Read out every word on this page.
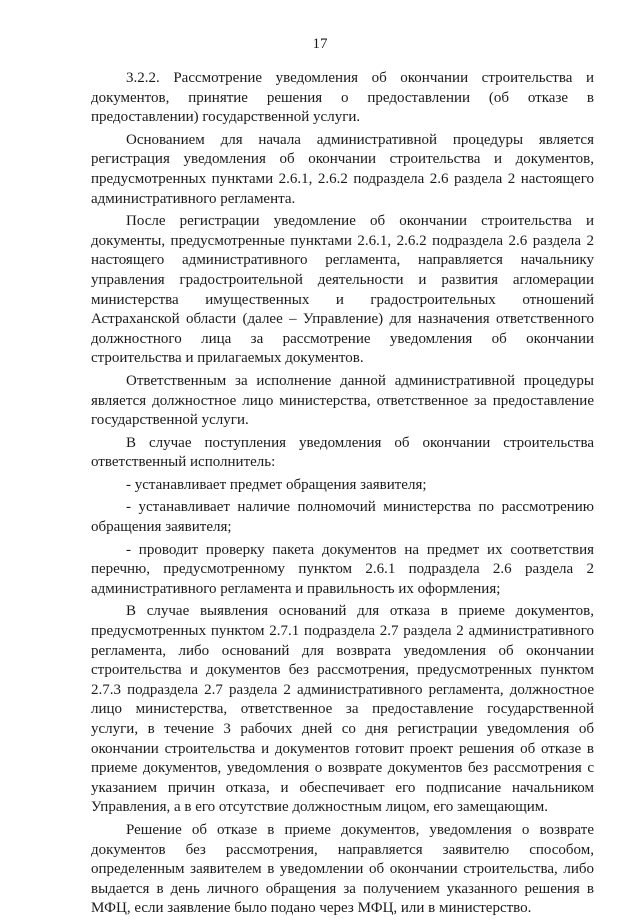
17

3.2.2. Рассмотрение уведомления об окончании строительства и документов, принятие решения о предоставлении (об отказе в предоставлении) государственной услуги.

Основанием для начала административной процедуры является регистрация уведомления об окончании строительства и документов, предусмотренных пунктами 2.6.1, 2.6.2 подраздела 2.6 раздела 2 настоящего административного регламента.

После регистрации уведомление об окончании строительства и документы, предусмотренные пунктами 2.6.1, 2.6.2 подраздела 2.6 раздела 2 настоящего административного регламента, направляется начальнику управления градостроительной деятельности и развития агломерации министерства имущественных и градостроительных отношений Астраханской области (далее – Управление) для назначения ответственного должностного лица за рассмотрение уведомления об окончании строительства и прилагаемых документов.

Ответственным за исполнение данной административной процедуры является должностное лицо министерства, ответственное за предоставление государственной услуги.

В случае поступления уведомления об окончании строительства ответственный исполнитель:

- устанавливает предмет обращения заявителя;

- устанавливает наличие полномочий министерства по рассмотрению обращения заявителя;

- проводит проверку пакета документов на предмет их соответствия перечню, предусмотренному пунктом 2.6.1 подраздела 2.6 раздела 2 административного регламента и правильность их оформления;

В случае выявления оснований для отказа в приеме документов, предусмотренных пунктом 2.7.1 подраздела 2.7 раздела 2 административного регламента, либо оснований для возврата уведомления об окончании строительства и документов без рассмотрения, предусмотренных пунктом 2.7.3 подраздела 2.7 раздела 2 административного регламента, должностное лицо министерства, ответственное за предоставление государственной услуги, в течение 3 рабочих дней со дня регистрации уведомления об окончании строительства и документов готовит проект решения об отказе в приеме документов, уведомления о возврате документов без рассмотрения с указанием причин отказа, и обеспечивает его подписание начальником Управления, а в его отсутствие должностным лицом, его замещающим.

Решение об отказе в приеме документов, уведомления о возврате документов без рассмотрения, направляется заявителю способом, определенным заявителем в уведомлении об окончании строительства, либо выдается в день личного обращения за получением указанного решения в МФЦ, если заявление было подано через МФЦ, или в министерство.
